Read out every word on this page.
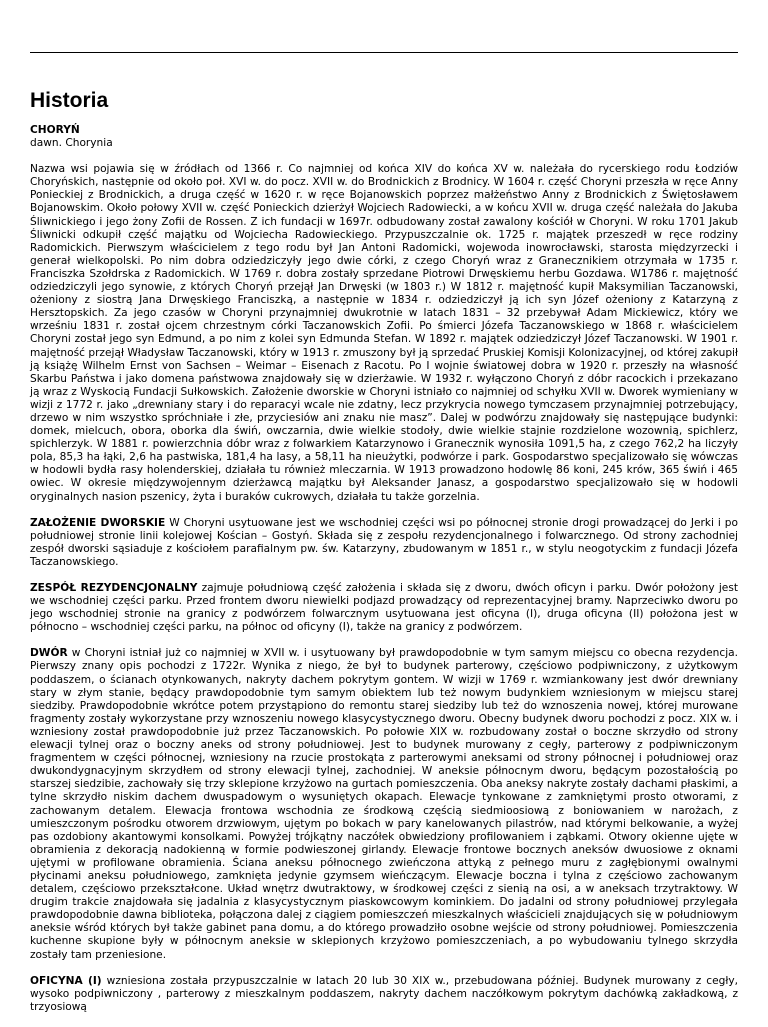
Historia

CHORYŃ

dawn. Chorynia

Nazwa wsi pojawia się w źródłach od 1366 r. Co najmniej od końca XIV do końca XV w. należała do rycerskiego rodu Łodziów Choryńskich, następnie od około poł. XVI w. do pocz. XVII w. do Brodnickich z Brodnicy. W 1604 r. część Choryni przeszła w ręce Anny Ponieckiej z Brodnickich, a druga część w 1620 r. w ręce Bojanowskich poprzez małżeństwo Anny z Brodnickich z Świętosławem Bojanowskim. Około połowy XVII w. część Ponieckich dzierżył Wojciech Radowiecki, a w końcu XVII w. druga część należała do Jakuba Śliwnickiego i jego żony Zofii de Rossen. Z ich fundacji w 1697r. odbudowany został zawalony kościół w Choryni. W roku 1701 Jakub Śliwnicki odkupił część majątku od Wojciecha Radowieckiego. Przypuszczalnie ok. 1725 r. majątek przeszedł w ręce rodziny Radomickich. Pierwszym właścicielem z tego rodu był Jan Antoni Radomicki, wojewoda inowrocławski, starosta międzyrzecki i generał wielkopolski. Po nim dobra odziedziczyły jego dwie córki, z czego Choryń wraz z Granecznikiem otrzymała w 1735 r. Franciszka Szołdrska z Radomickich. W 1769 r. dobra zostały sprzedane Piotrowi Drwęskiemu herbu Gozdawa. W1786 r. majętność odziedziczyli jego synowie, z których Choryń przejął Jan Drwęski (w 1803 r.) W 1812 r. majętność kupił Maksymilian Taczanowski, ożeniony z siostrą Jana Drwęskiego Franciszką, a następnie w 1834 r. odziedziczył ją ich syn Józef ożeniony z Katarzyną z Hersztopskich. Za jego czasów w Choryni przynajmniej dwukrotnie w latach 1831 – 32 przebywał Adam Mickiewicz, który we wrześniu 1831 r. został ojcem chrzestnym córki Taczanowskich Zofii. Po śmierci Józefa Taczanowskiego w 1868 r. właścicielem Choryni został jego syn Edmund, a po nim z kolei syn Edmunda Stefan. W 1892 r. majątek odziedziczył Józef Taczanowski. W 1901 r. majętność przejął Władysław Taczanowski, który w 1913 r. zmuszony był ją sprzedać Pruskiej Komisji Kolonizacyjnej, od której zakupił ją książę Wilhelm Ernst von Sachsen – Weimar – Eisenach z Racotu. Po I wojnie światowej dobra w 1920 r. przeszły na własność Skarbu Państwa i jako domena państwowa znajdowały się w dzierżawie. W 1932 r. wyłączono Choryń z dóbr racockich i przekazano ją wraz z Wyskocią Fundacji Sułkowskich. Założenie dworskie w Choryni istniało co najmniej od schyłku XVII w. Dworek wymieniany w wizji z 1772 r. jako „drewniany stary i do reparacyi wcale nie zdatny, lecz przykrycia nowego tymczasem przynajmniej potrzebujący, drzewo w nim wszystko spróchniałe i złe, przyciesiów ani znaku nie masz”. Dalej w podwórzu znajdowały się następujące budynki: domek, mielcuch, obora, oborka dla świń, owczarnia, dwie wielkie stodoły, dwie wielkie stajnie rozdzielone wozownią, spichlerz, spichlerzyk. W 1881 r. powierzchnia dóbr wraz z folwarkiem Katarzynowo i Granecznik wynosiła 1091,5 ha, z czego 762,2 ha liczyły pola, 85,3 ha łąki, 2,6 ha pastwiska, 181,4 ha lasy, a 58,11 ha nieużytki, podwórze i park. Gospodarstwo specjalizowało się wówczas w hodowli bydła rasy holenderskiej, działała tu również mleczarnia. W 1913 prowadzono hodowlę 86 koni, 245 krów, 365 świń i 465 owiec. W okresie międzywojennym dzierżawcą majątku był Aleksander Janasz, a gospodarstwo specjalizowało się w hodowli oryginalnych nasion pszenicy, żyta i buraków cukrowych, działała tu także gorzelnia.

ZAŁOŻENIE DWORSKIE W Choryni usytuowane jest we wschodniej części wsi po północnej stronie drogi prowadzącej do Jerki i po południowej stronie linii kolejowej Kościan – Gostyń. Składa się z zespołu rezydencjonalnego i folwarcznego. Od strony zachodniej zespół dworski sąsiaduje z kościołem parafialnym pw. św. Katarzyny, zbudowanym w 1851 r., w stylu neogotyckim z fundacji Józefa Taczanowskiego.

ZESPÓŁ REZYDENCJONALNY zajmuje południową część założenia i składa się z dworu, dwóch oficyn i parku. Dwór położony jest we wschodniej części parku. Przed frontem dworu niewielki podjazd prowadzący od reprezentacyjnej bramy. Naprzeciwko dworu po jego wschodniej stronie na granicy z podwórzem folwarcznym usytuowana jest oficyna (I), druga oficyna (II) położona jest w północno – wschodniej części parku, na północ od oficyny (I), także na granicy z podwórzem.

DWÓR w Choryni istniał już co najmniej w XVII w. i usytuowany był prawdopodobnie w tym samym miejscu co obecna rezydencja. Pierwszy znany opis pochodzi z 1722r. Wynika z niego, że był to budynek parterowy, częściowo podpiwniczony, z użytkowym poddaszem, o ścianach otynkowanych, nakryty dachem pokrytym gontem. W wizji w 1769 r. wzmiankowany jest dwór drewniany stary w złym stanie, będący prawdopodobnie tym samym obiektem lub też nowym budynkiem wzniesionym w miejscu starej siedziby. Prawdopodobnie wkrótce potem przystąpiono do remontu starej siedziby lub też do wznoszenia nowej, której murowane fragmenty zostały wykorzystane przy wznoszeniu nowego klasycystycznego dworu. Obecny budynek dworu pochodzi z pocz. XIX w. i wzniesiony został prawdopodobnie już przez Taczanowskich. Po połowie XIX w. rozbudowany został o boczne skrzydło od strony elewacji tylnej oraz o boczny aneks od strony południowej. Jest to budynek murowany z cegły, parterowy z podpiwniczonym fragmentem w części północnej, wzniesiony na rzucie prostokąta z parterowymi aneksami od strony północnej i południowej oraz dwukondygnacyjnym skrzydłem od strony elewacji tylnej, zachodniej. W aneksie północnym dworu, będącym pozostałością po starszej siedzibie, zachowały się trzy sklepione krzyżowo na gurtach pomieszczenia. Oba aneksy nakryte zostały dachami płaskimi, a tylne skrzydło niskim dachem dwuspadowym o wysuniętych okapach. Elewacje tynkowane z zamkniętymi prosto otworami, z zachowanym detalem. Elewacja frontowa wschodnia ze środkową częścią siedmioosiową z boniowaniem w narożach, z umieszczonym pośrodku otworem drzwiowym, ujętym po bokach w pary kanelowanych pilastrów, nad którymi belkowanie, a wyżej pas ozdobiony akantowymi konsolkami. Powyżej trójkątny naczółek obwiedziony profilowaniem i ząbkami. Otwory okienne ujęte w obramienia z dekoracją nadokienną w formie podwieszonej girlandy. Elewacje frontowe bocznych aneksów dwuosiowe z oknami ujętymi w profilowane obramienia. Ściana aneksu północnego zwieńczona attyką z pełnego muru z zagłębionymi owalnymi płycinami aneksu południowego, zamknięta jedynie gzymsem wieńczącym. Elewacje boczna i tylna z częściowo zachowanym detalem, częściowo przekształcone. Układ wnętrz dwutraktowy, w środkowej części z sienią na osi, a w aneksach trzytraktowy. W drugim trakcie znajdowała się jadalnia z klasycystycznym piaskowcowym kominkiem. Do jadalni od strony południowej przylegała prawdopodobnie dawna biblioteka, połączona dalej z ciągiem pomieszczeń mieszkalnych właścicieli znajdujących się w południowym aneksie wśród których był także gabinet pana domu, a do którego prowadziło osobne wejście od strony południowej. Pomieszczenia kuchenne skupione były w północnym aneksie w sklepionych krzyżowo pomieszczeniach, a po wybudowaniu tylnego skrzydła zostały tam przeniesione.

OFICYNA (I) wzniesiona została przypuszczalnie w latach 20 lub 30 XIX w., przebudowana później. Budynek murowany z cegły, wysoko podpiwniczony , parterowy z mieszkalnym poddaszem, nakryty dachem naczółkowym pokrytym dachówką zakładkową, z trzyosiową
